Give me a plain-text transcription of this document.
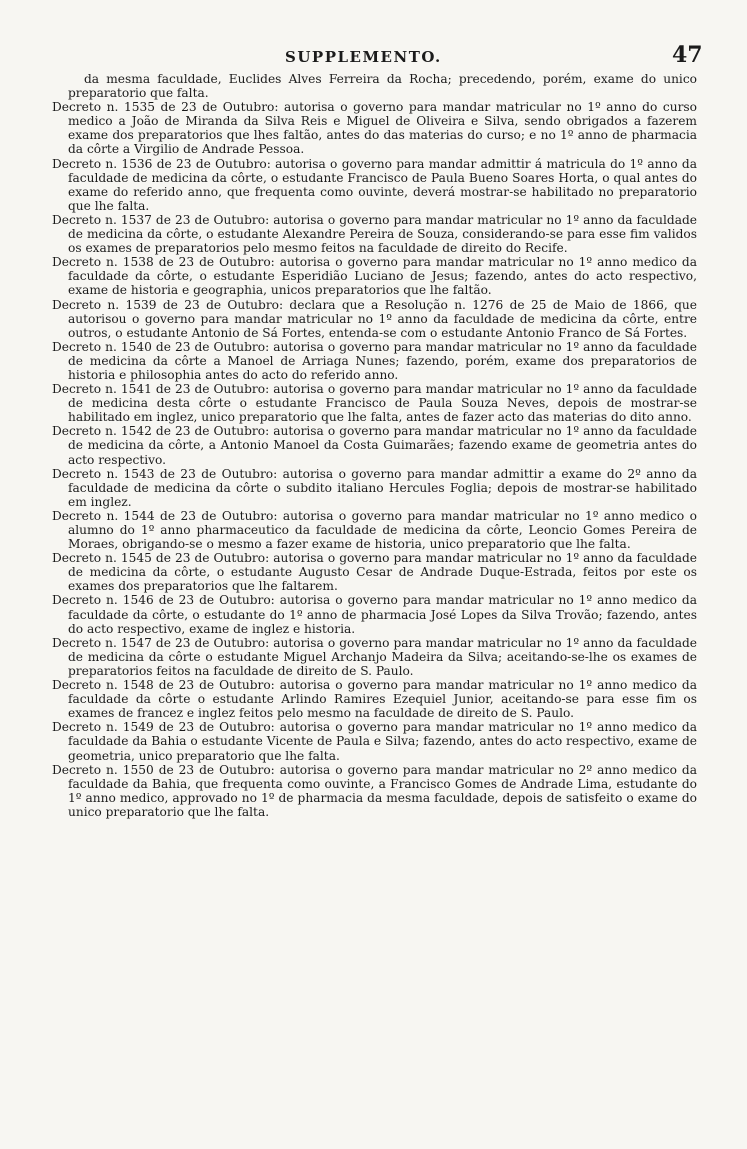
SUPPLEMENTO.	47

da mesma faculdade, Euclides Alves Ferreira da Rocha; precedendo, porém, exame do unico preparatorio que falta.

Decreto n. 1535 de 23 de Outubro: autorisa o governo para mandar matricular no 1º anno do curso medico a João de Miranda da Silva Reis e Miguel de Oliveira e Silva, sendo obrigados a fazerem exame dos preparatorios que lhes faltão, antes do das materias do curso; e no 1º anno de pharmacia da côrte a Virgilio de Andrade Pessoa.

Decreto n. 1536 de 23 de Outubro: autorisa o governo para mandar admittir á matricula do 1º anno da faculdade de medicina da côrte, o estudante Francisco de Paula Bueno Soares Horta, o qual antes do exame do referido anno, que frequenta como ouvinte, deverá mostrar-se habilitado no preparatorio que lhe falta.

Decreto n. 1537 de 23 de Outubro: autorisa o governo para mandar matricular no 1º anno da faculdade de medicina da côrte, o estudante Alexandre Pereira de Souza, considerando-se para esse fim validos os exames de preparatorios pelo mesmo feitos na faculdade de direito do Recife.

Decreto n. 1538 de 23 de Outubro: autorisa o governo para mandar matricular no 1º anno medico da faculdade da côrte, o estudante Esperidião Luciano de Jesus; fazendo, antes do acto respectivo, exame de historia e geographia, unicos preparatorios que lhe faltão.

Decreto n. 1539 de 23 de Outubro: declara que a Resolução n. 1276 de 25 de Maio de 1866, que autorisou o governo para mandar matricular no 1º anno da faculdade de medicina da côrte, entre outros, o estudante Antonio de Sá Fortes, entenda-se com o estudante Antonio Franco de Sá Fortes.

Decreto n. 1540 de 23 de Outubro: autorisa o governo para mandar matricular no 1º anno da faculdade de medicina da côrte a Manoel de Arriaga Nunes; fazendo, porém, exame dos preparatorios de historia e philosophia antes do acto do referido anno.

Decreto n. 1541 de 23 de Outubro: autorisa o governo para mandar matricular no 1º anno da faculdade de medicina desta côrte o estudante Francisco de Paula Souza Neves, depois de mostrar-se habilitado em inglez, unico preparatorio que lhe falta, antes de fazer acto das materias do dito anno.

Decreto n. 1542 de 23 de Outubro: autorisa o governo para mandar matricular no 1º anno da faculdade de medicina da côrte, a Antonio Manoel da Costa Guimarães; fazendo exame de geometria antes do acto respectivo.

Decreto n. 1543 de 23 de Outubro: autorisa o governo para mandar admittir a exame do 2º anno da faculdade de medicina da côrte o subdito italiano Hercules Foglia; depois de mostrar-se habilitado em inglez.

Decreto n. 1544 de 23 de Outubro: autorisa o governo para mandar matricular no 1º anno medico o alumno do 1º anno pharmaceutico da faculdade de medicina da côrte, Leoncio Gomes Pereira de Moraes, obrigando-se o mesmo a fazer exame de historia, unico preparatorio que lhe falta.

Decreto n. 1545 de 23 de Outubro: autorisa o governo para mandar matricular no 1º anno da faculdade de medicina da côrte, o estudante Augusto Cesar de Andrade Duque-Estrada, feitos por este os exames dos preparatorios que lhe faltarem.

Decreto n. 1546 de 23 de Outubro: autorisa o governo para mandar matricular no 1º anno medico da faculdade da côrte, o estudante do 1º anno de pharmacia José Lopes da Silva Trovão; fazendo, antes do acto respectivo, exame de inglez e historia.

Decreto n. 1547 de 23 de Outubro: autorisa o governo para mandar matricular no 1º anno da faculdade de medicina da côrte o estudante Miguel Archanjo Madeira da Silva; aceitando-se-lhe os exames de preparatorios feitos na faculdade de direito de S. Paulo.

Decreto n. 1548 de 23 de Outubro: autorisa o governo para mandar matricular no 1º anno medico da faculdade da côrte o estudante Arlindo Ramires Ezequiel Junior, aceitando-se para esse fim os exames de francez e inglez feitos pelo mesmo na faculdade de direito de S. Paulo.

Decreto n. 1549 de 23 de Outubro: autorisa o governo para mandar matricular no 1º anno medico da faculdade da Bahia o estudante Vicente de Paula e Silva; fazendo, antes do acto respectivo, exame de geometria, unico preparatorio que lhe falta.

Decreto n. 1550 de 23 de Outubro: autorisa o governo para mandar matricular no 2º anno medico da faculdade da Bahia, que frequenta como ouvinte, a Francisco Gomes de Andrade Lima, estudante do 1º anno medico, approvado no 1º de pharmacia da mesma faculdade, depois de satisfeito o exame do unico preparatorio que lhe falta.
